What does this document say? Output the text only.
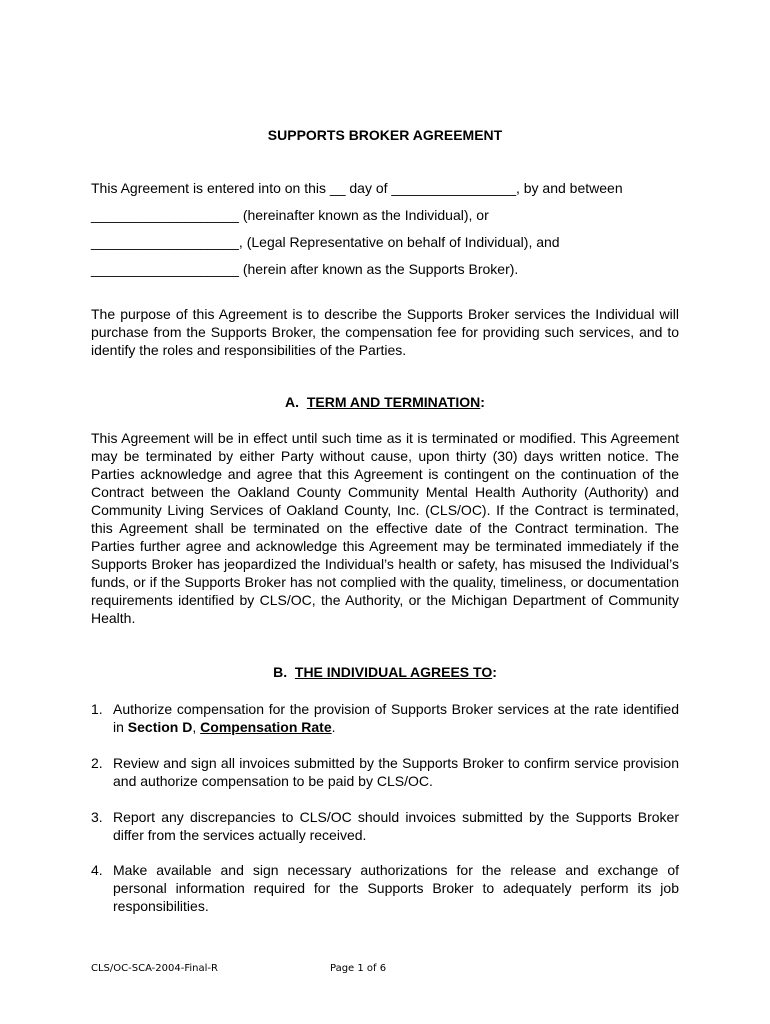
SUPPORTS BROKER AGREEMENT
This Agreement is entered into on this __ day of ________________, by and between
___________________ (hereinafter known as the Individual), or
___________________, (Legal Representative on behalf of Individual), and
___________________ (herein after known as the Supports Broker).
The purpose of this Agreement is to describe the Supports Broker services the Individual will purchase from the Supports Broker, the compensation fee for providing such services, and to identify the roles and responsibilities of the Parties.
A. TERM AND TERMINATION:
This Agreement will be in effect until such time as it is terminated or modified. This Agreement may be terminated by either Party without cause, upon thirty (30) days written notice. The Parties acknowledge and agree that this Agreement is contingent on the continuation of the Contract between the Oakland County Community Mental Health Authority (Authority) and Community Living Services of Oakland County, Inc. (CLS/OC). If the Contract is terminated, this Agreement shall be terminated on the effective date of the Contract termination. The Parties further agree and acknowledge this Agreement may be terminated immediately if the Supports Broker has jeopardized the Individual’s health or safety, has misused the Individual’s funds, or if the Supports Broker has not complied with the quality, timeliness, or documentation requirements identified by CLS/OC, the Authority, or the Michigan Department of Community Health.
B. THE INDIVIDUAL AGREES TO:
1. Authorize compensation for the provision of Supports Broker services at the rate identified in Section D, Compensation Rate.
2. Review and sign all invoices submitted by the Supports Broker to confirm service provision and authorize compensation to be paid by CLS/OC.
3. Report any discrepancies to CLS/OC should invoices submitted by the Supports Broker differ from the services actually received.
4. Make available and sign necessary authorizations for the release and exchange of personal information required for the Supports Broker to adequately perform its job responsibilities.
CLS/OC-SCA-2004-Final-R	Page 1 of 6
